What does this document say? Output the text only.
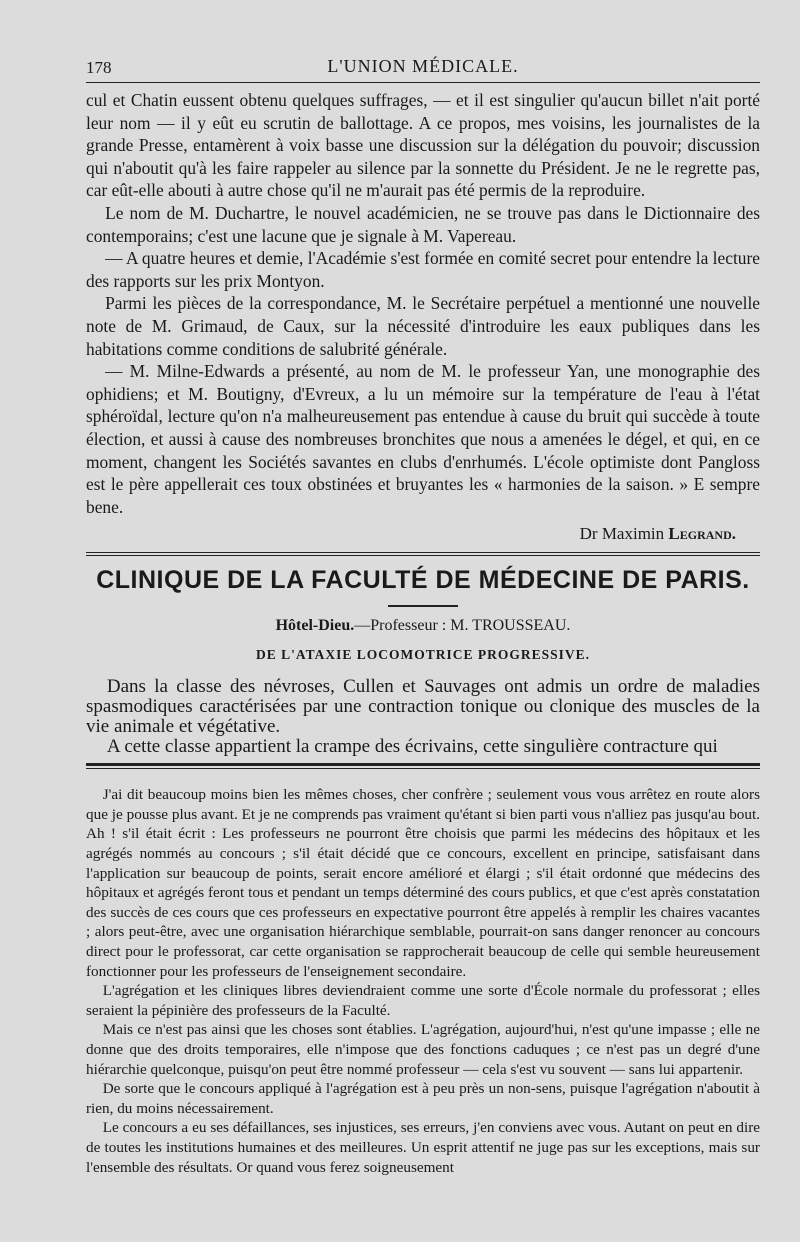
178	L'UNION MÉDICALE.

cul et Chatin eussent obtenu quelques suffrages, — et il est singulier qu'aucun billet n'ait porté leur nom — il y eût eu scrutin de ballottage. A ce propos, mes voisins, les journalistes de la grande Presse, entamèrent à voix basse une discussion sur la délégation du pouvoir; discussion qui n'aboutit qu'à les faire rappeler au silence par la sonnette du Président. Je ne le regrette pas, car eût-elle abouti à autre chose qu'il ne m'aurait pas été permis de la reproduire.

Le nom de M. Duchartre, le nouvel académicien, ne se trouve pas dans le Dictionnaire des contemporains; c'est une lacune que je signale à M. Vapereau.

— A quatre heures et demie, l'Académie s'est formée en comité secret pour entendre la lecture des rapports sur les prix Montyon.

Parmi les pièces de la correspondance, M. le Secrétaire perpétuel a mentionné une nouvelle note de M. Grimaud, de Caux, sur la nécessité d'introduire les eaux publiques dans les habitations comme conditions de salubrité générale.

— M. Milne-Edwards a présenté, au nom de M. le professeur Yan, une monographie des ophidiens; et M. Boutigny, d'Evreux, a lu un mémoire sur la température de l'eau à l'état sphéroïdal, lecture qu'on n'a malheureusement pas entendue à cause du bruit qui succède à toute élection, et aussi à cause des nombreuses bronchites que nous a amenées le dégel, et qui, en ce moment, changent les Sociétés savantes en clubs d'enrhumés. L'école optimiste dont Pangloss est le père appellerait ces toux obstinées et bruyantes les « harmonies de la saison. » E sempre bene.

Dr Maximin Legrand.
CLINIQUE DE LA FACULTÉ DE MÉDECINE DE PARIS.
Hôtel-Dieu.—Professeur : M. TROUSSEAU.
DE L'ATAXIE LOCOMOTRICE PROGRESSIVE.

Dans la classe des névroses, Cullen et Sauvages ont admis un ordre de maladies spasmodiques caractérisées par une contraction tonique ou clonique des muscles de la vie animale et végétative.

A cette classe appartient la crampe des écrivains, cette singulière contracture qui

J'ai dit beaucoup moins bien les mêmes choses, cher confrère ; seulement vous vous arrêtez en route alors que je pousse plus avant. Et je ne comprends pas vraiment qu'étant si bien parti vous n'alliez pas jusqu'au bout. Ah ! s'il était écrit : Les professeurs ne pourront être choisis que parmi les médecins des hôpitaux et les agrégés nommés au concours ; s'il était décidé que ce concours, excellent en principe, satisfaisant dans l'application sur beaucoup de points, serait encore amélioré et élargi ; s'il était ordonné que médecins des hôpitaux et agrégés feront tous et pendant un temps déterminé des cours publics, et que c'est après constatation des succès de ces cours que ces professeurs en expectative pourront être appelés à remplir les chaires vacantes ; alors peut-être, avec une organisation hiérarchique semblable, pourrait-on sans danger renoncer au concours direct pour le professorat, car cette organisation se rapprocherait beaucoup de celle qui semble heureusement fonctionner pour les professeurs de l'enseignement secondaire.

L'agrégation et les cliniques libres deviendraient comme une sorte d'École normale du professorat ; elles seraient la pépinière des professeurs de la Faculté.

Mais ce n'est pas ainsi que les choses sont établies. L'agrégation, aujourd'hui, n'est qu'une impasse ; elle ne donne que des droits temporaires, elle n'impose que des fonctions caduques ; ce n'est pas un degré d'une hiérarchie quelconque, puisqu'on peut être nommé professeur — cela s'est vu souvent — sans lui appartenir.

De sorte que le concours appliqué à l'agrégation est à peu près un non-sens, puisque l'agrégation n'aboutit à rien, du moins nécessairement.

Le concours a eu ses défaillances, ses injustices, ses erreurs, j'en conviens avec vous. Autant on peut en dire de toutes les institutions humaines et des meilleures. Un esprit attentif ne juge pas sur les exceptions, mais sur l'ensemble des résultats. Or quand vous ferez soigneusement
